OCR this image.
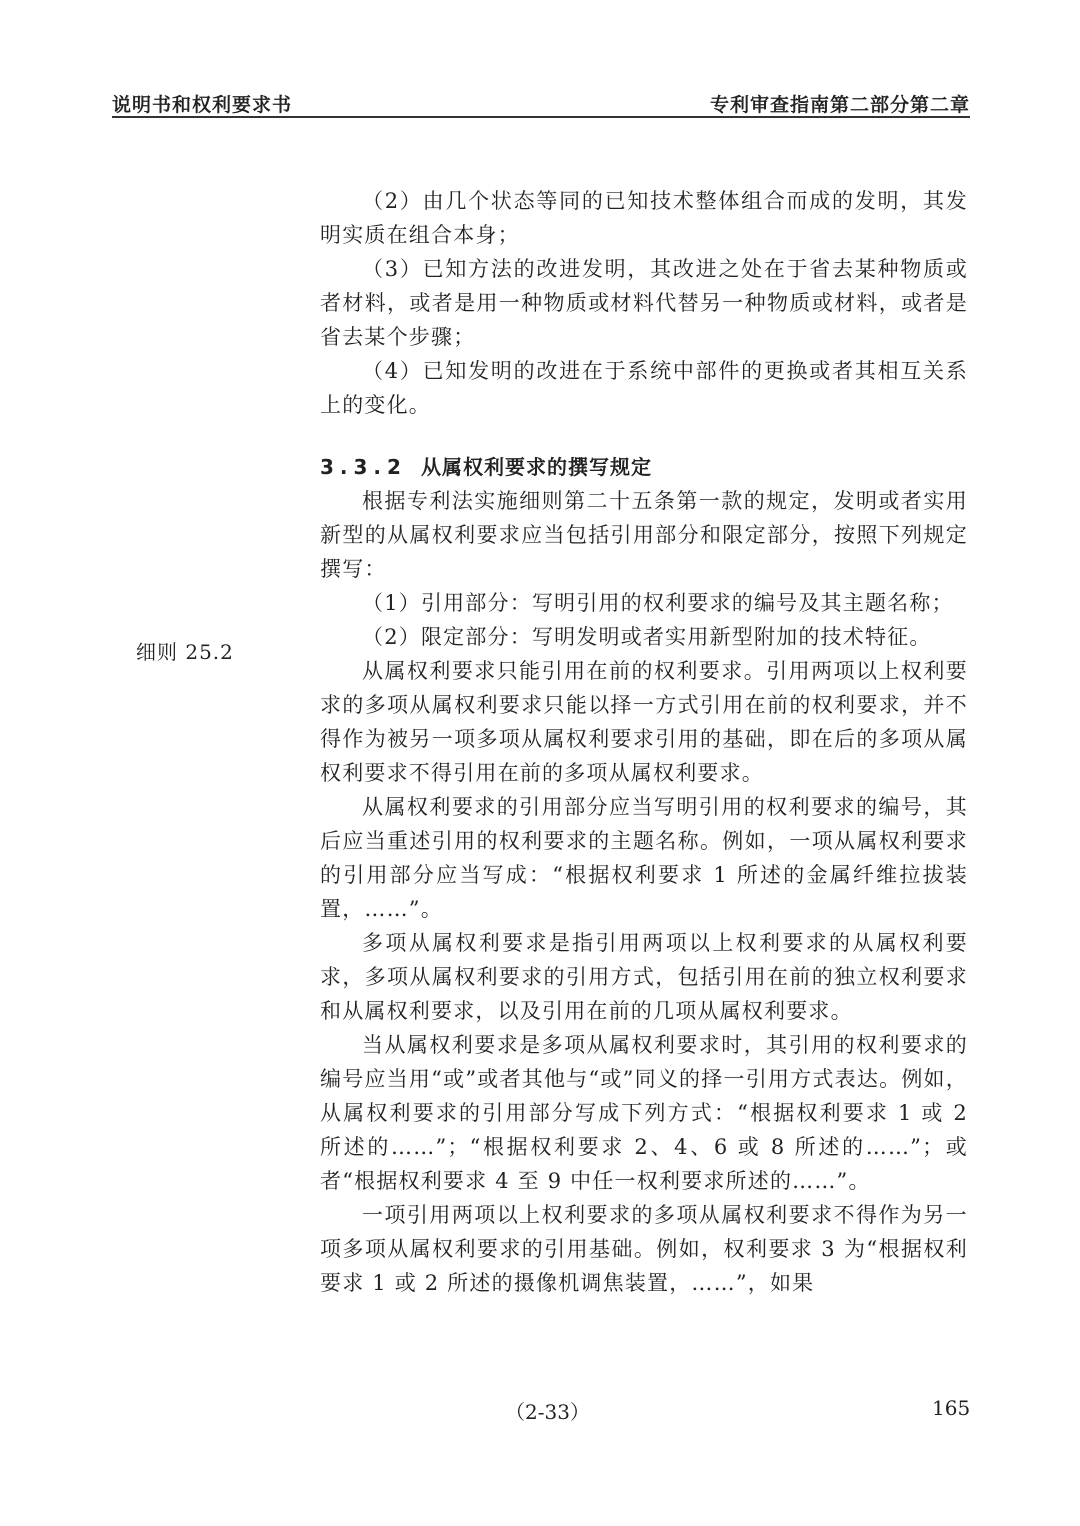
说明书和权利要求书	专利审查指南第二部分第二章
细则 25.2

（2）由几个状态等同的已知技术整体组合而成的发明，其发明实质在组合本身；

（3）已知方法的改进发明，其改进之处在于省去某种物质或者材料，或者是用一种物质或材料代替另一种物质或材料，或者是省去某个步骤；

（4）已知发明的改进在于系统中部件的更换或者其相互关系上的变化。

3.3.2 从属权利要求的撰写规定

根据专利法实施细则第二十五条第一款的规定，发明或者实用新型的从属权利要求应当包括引用部分和限定部分，按照下列规定撰写：

（1）引用部分：写明引用的权利要求的编号及其主题名称；

（2）限定部分：写明发明或者实用新型附加的技术特征。

从属权利要求只能引用在前的权利要求。引用两项以上权利要求的多项从属权利要求只能以择一方式引用在前的权利要求，并不得作为被另一项多项从属权利要求引用的基础，即在后的多项从属权利要求不得引用在前的多项从属权利要求。

从属权利要求的引用部分应当写明引用的权利要求的编号，其后应当重述引用的权利要求的主题名称。例如，一项从属权利要求的引用部分应当写成：“根据权利要求 1 所述的金属纤维拉拔装置，……”。

多项从属权利要求是指引用两项以上权利要求的从属权利要求，多项从属权利要求的引用方式，包括引用在前的独立权利要求和从属权利要求，以及引用在前的几项从属权利要求。

当从属权利要求是多项从属权利要求时，其引用的权利要求的编号应当用“或”或者其他与“或”同义的择一引用方式表达。例如，从属权利要求的引用部分写成下列方式：“根据权利要求 1 或 2 所述的……”；“根据权利要求 2、4、6 或 8 所述的……”；或者“根据权利要求 4 至 9 中任一权利要求所述的……”。

一项引用两项以上权利要求的多项从属权利要求不得作为另一项多项从属权利要求的引用基础。例如，权利要求 3 为“根据权利要求 1 或 2 所述的摄像机调焦装置，……”，如果

（2-33）	165
